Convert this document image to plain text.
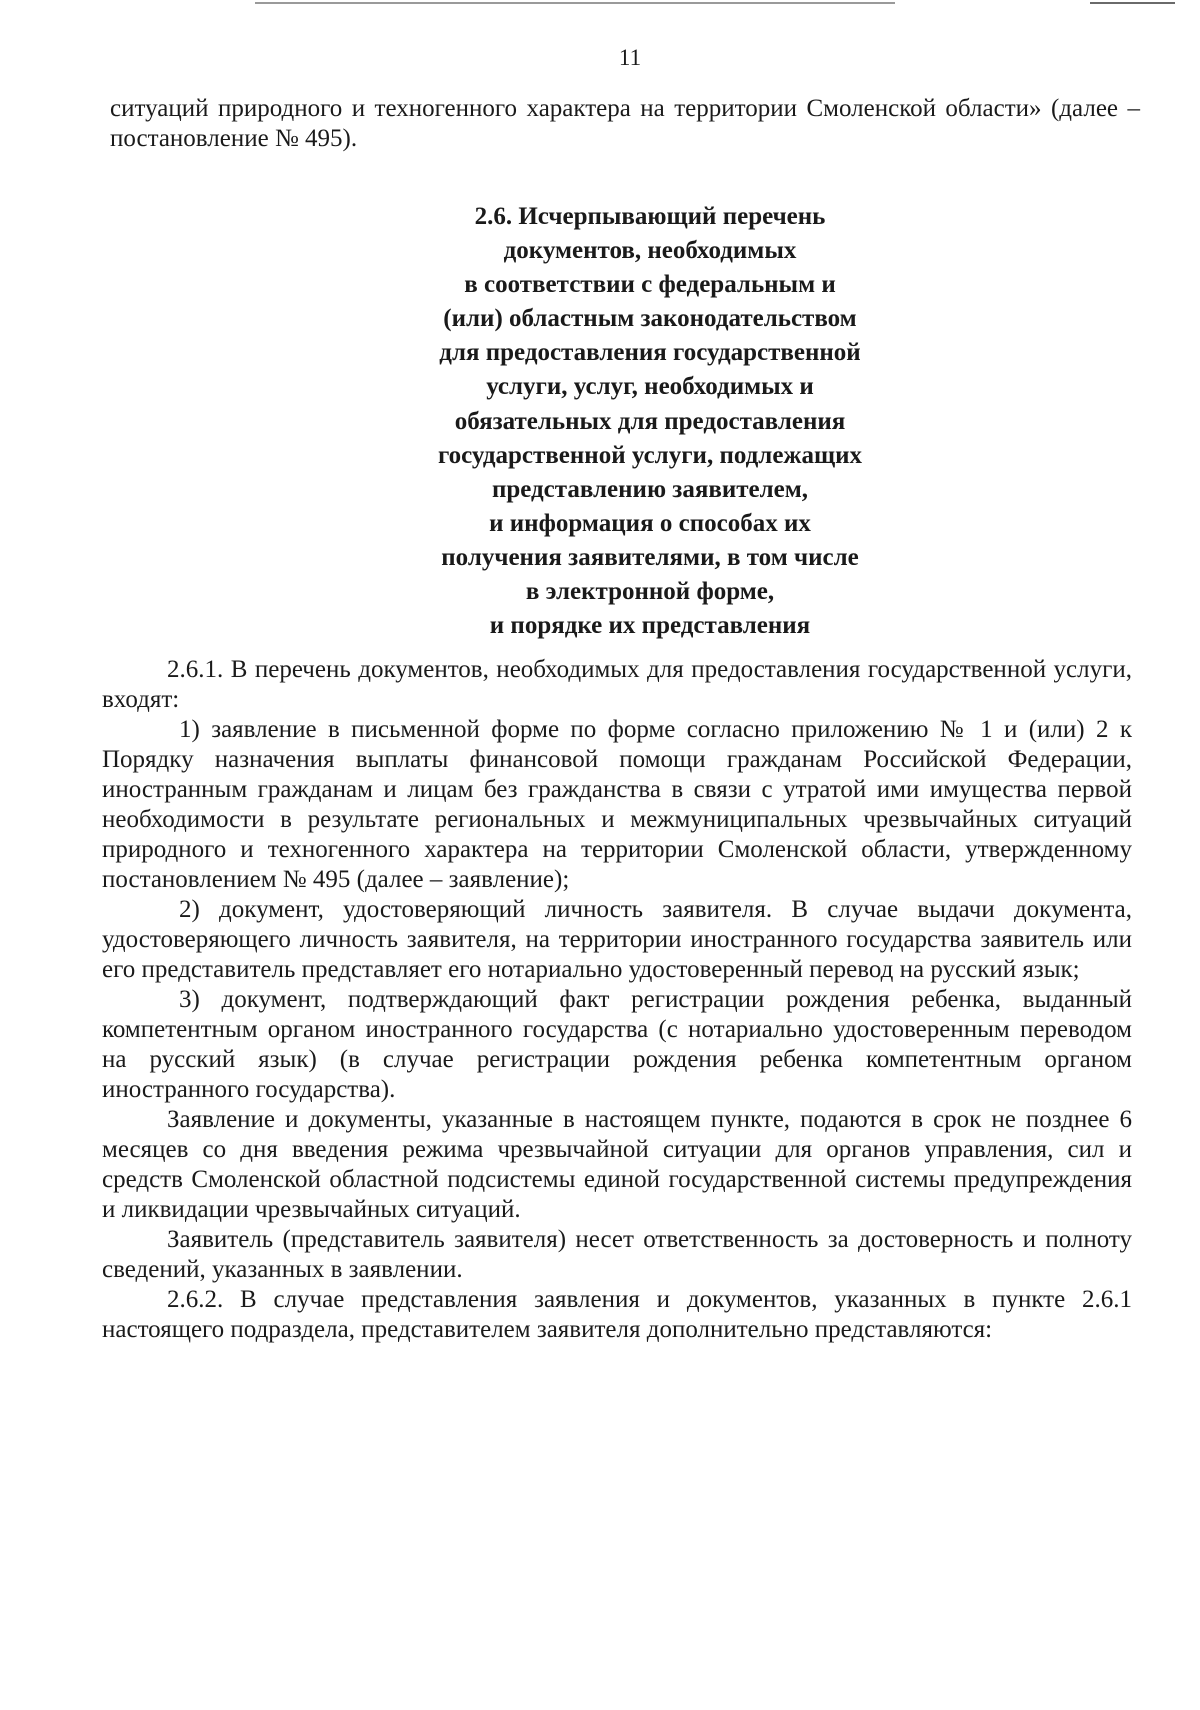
11

ситуаций природного и техногенного характера на территории Смоленской области» (далее – постановление № 495).

2.6. Исчерпывающий перечень
документов, необходимых
в соответствии с федеральным и
(или) областным законодательством
для предоставления государственной
услуги, услуг, необходимых и
обязательных для предоставления
государственной услуги, подлежащих
представлению заявителем,
и информация о способах их
получения заявителями, в том числе
в электронной форме,
и порядке их представления

2.6.1. В перечень документов, необходимых для предоставления государственной услуги, входят:

1) заявление в письменной форме по форме согласно приложению № 1 и (или) 2 к Порядку назначения выплаты финансовой помощи гражданам Российской Федерации, иностранным гражданам и лицам без гражданства в связи с утратой ими имущества первой необходимости в результате региональных и межмуниципальных чрезвычайных ситуаций природного и техногенного характера на территории Смоленской области, утвержденному постановлением № 495 (далее – заявление);

2) документ, удостоверяющий личность заявителя. В случае выдачи документа, удостоверяющего личность заявителя, на территории иностранного государства заявитель или его представитель представляет его нотариально удостоверенный перевод на русский язык;

3) документ, подтверждающий факт регистрации рождения ребенка, выданный компетентным органом иностранного государства (с нотариально удостоверенным переводом на русский язык) (в случае регистрации рождения ребенка компетентным органом иностранного государства).

Заявление и документы, указанные в настоящем пункте, подаются в срок не позднее 6 месяцев со дня введения режима чрезвычайной ситуации для органов управления, сил и средств Смоленской областной подсистемы единой государственной системы предупреждения и ликвидации чрезвычайных ситуаций.

Заявитель (представитель заявителя) несет ответственность за достоверность и полноту сведений, указанных в заявлении.

2.6.2. В случае представления заявления и документов, указанных в пункте 2.6.1 настоящего подраздела, представителем заявителя дополнительно представляются:
